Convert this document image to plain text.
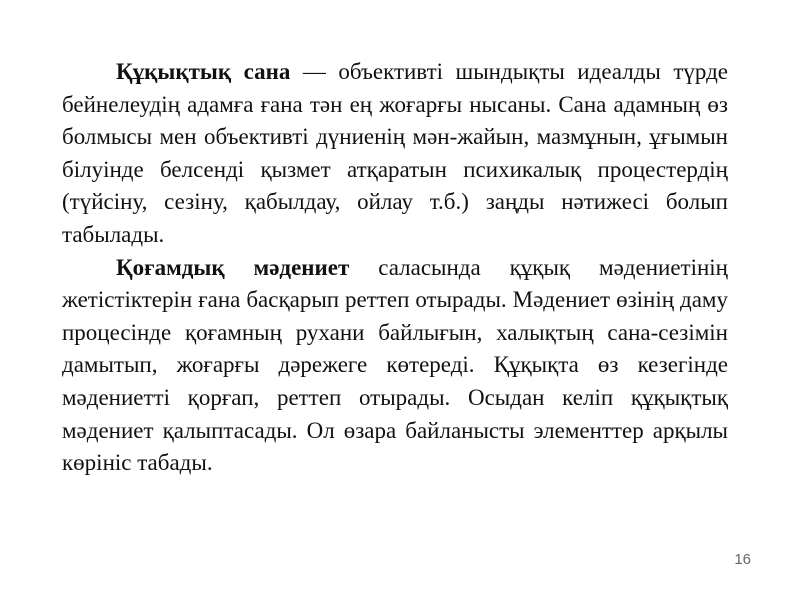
Құқықтық сана — объективті шындықты идеалды түрде бейнелеудің адамға ғана тән ең жоғарғы нысаны. Сана адамның өз болмысы мен объективті дүниенің мән-жайын, мазмұнын, ұғымын білуінде белсенді қызмет атқаратын психикалық процестердің (түйсіну, сезіну, қабылдау, ойлау т.б.) заңды нәтижесі болып табылады.

Қоғамдық мәдениет саласында құқық мәдениетінің жетістіктерін ғана басқарып реттеп отырады. Мәдениет өзінің даму процесінде қоғамның рухани байлығын, халықтың сана-сезімін дамытып, жоғарғы дәрежеге көтереді. Құқықта өз кезегінде мәдениетті қорғап, реттеп отырады. Осыдан келіп құқықтық мәдениет қалыптасады. Ол өзара байланысты элементтер арқылы көрініс табады.

16
